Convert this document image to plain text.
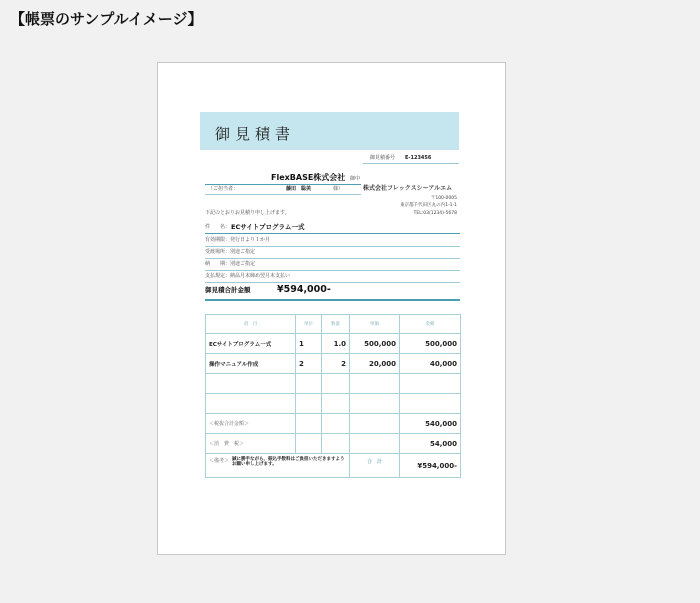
【帳票のサンプルイメージ】
御見積書
御見積番号 E-123456
FlexBASE株式会社 御中
（ご担当者：	藤田　聡美	様）	株式会社フレックスシーアルエム
〒100-0005
東京都千代田区丸の内1-1-1
TEL:03(1234)-5678
下記のとおりお見積り申し上げます。
件　　名： ECサイトプログラム一式
有効期限：発行日より１か月
受渡場所：別途ご指定
納　　期：別途ご指定
支払規定：納品月末締め翌月末支払い
御見積合計金額	¥594,000-
項　目	単位	数量	単価	金額
ECサイトプログラム一式	1	1.0	500,000	500,000
操作マニュアル作成	2	2	20,000	40,000

＜税抜合計金額＞				540,000
＜消　費　税＞				54,000

＜備考＞ 誠に勝手ながら、振込手数料はご負担いただきますようお願い申し上げます。			合　計	¥594,000-
